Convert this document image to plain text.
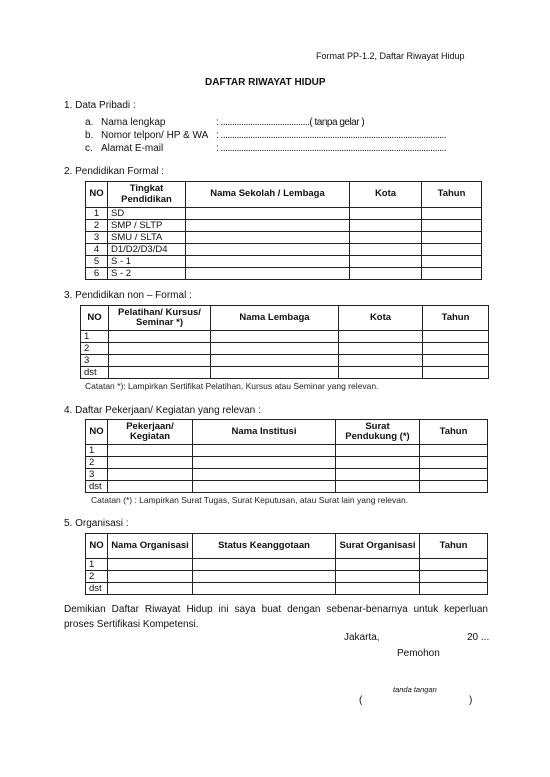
Format PP-1.2, Daftar Riwayat Hidup
DAFTAR RIWAYAT HIDUP
1. Data Pribadi :
a. Nama lengkap	: .......................................( tanpa gelar )
b. Nomor telpon/ HP & WA : ...................................................................................................
c. Alamat E-mail	: ...................................................................................................
2. Pendidikan Formal :
NO	Tingkat Pendidikan	Nama Sekolah / Lembaga	Kota	Tahun
1	SD			
2	SMP / SLTP			
3	SMU / SLTA			
4	D1/D2/D3/D4			
5	S - 1			
6	S - 2			
3. Pendidikan non – Formal :
NO	Pelatihan/ Kursus/ Seminar *)	Nama Lembaga	Kota	Tahun
1				
2				
3				
dst				
Catatan *): Lampirkan Sertifikat Pelatihan, Kursus atau Seminar yang relevan.
4. Daftar Pekerjaan/ Kegiatan yang relevan :
NO	Pekerjaan/ Kegiatan	Nama Institusi	Surat Pendukung (*)	Tahun
1				
2				
3				
dst				
Catatan (*) : Lampirkan Surat Tugas, Surat Keputusan, atau Surat lain yang relevan.
5. Organisasi :
NO	Nama Organisasi	Status Keanggotaan	Surat Organisasi	Tahun
1				
2				
dst				
Demikian Daftar Riwayat Hidup ini saya buat dengan sebenar-benarnya untuk keperluan proses Sertifikasi Kompetensi.
Jakarta,	20 ...
Pemohon
tanda tangan
(	)
